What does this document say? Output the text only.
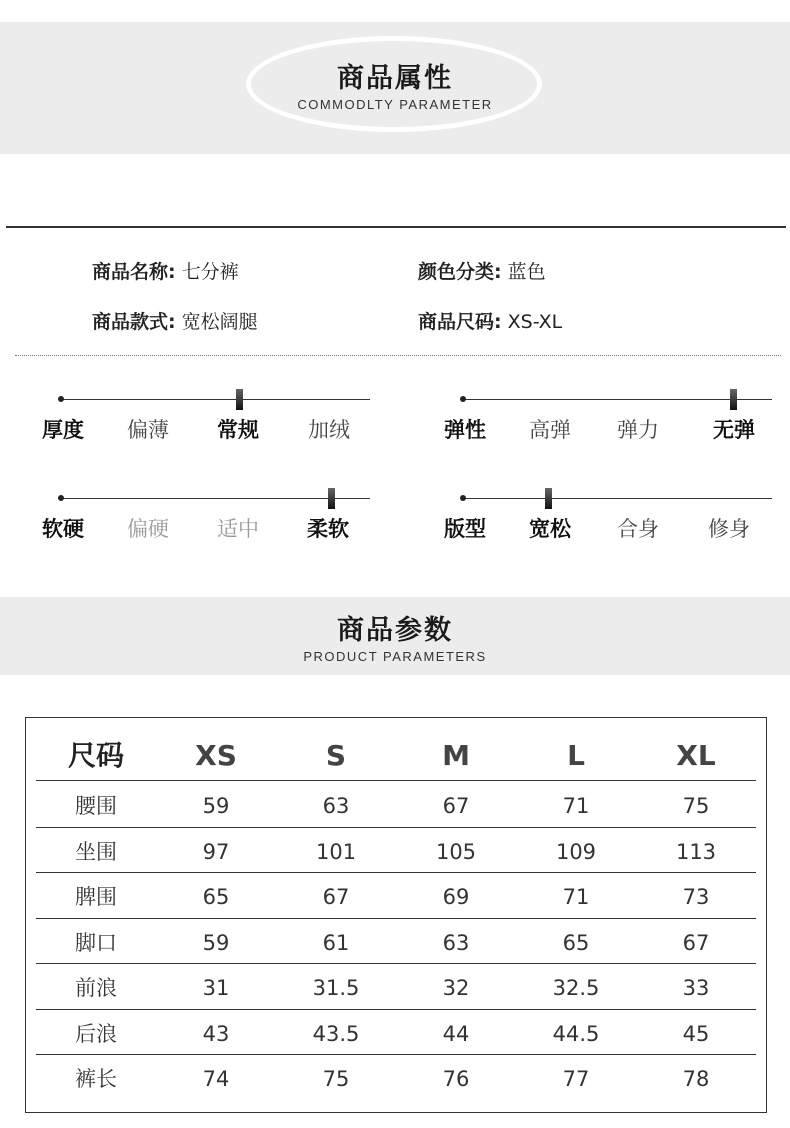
商品属性
COMMODLTY PARAMETER
商品名称: 七分裤	颜色分类: 蓝色
商品款式: 宽松阔腿	商品尺码: XS-XL
厚度	偏薄	常规	加绒	弹性	高弹	弹力	无弹
软硬	偏硬	适中	柔软	版型	宽松	合身	修身
商品参数
PRODUCT PARAMETERS
尺码	XS	S	M	L	XL
腰围	59	63	67	71	75
坐围	97	101	105	109	113
脾围	65	67	69	71	73
脚口	59	61	63	65	67
前浪	31	31.5	32	32.5	33
后浪	43	43.5	44	44.5	45
裤长	74	75	76	77	78
